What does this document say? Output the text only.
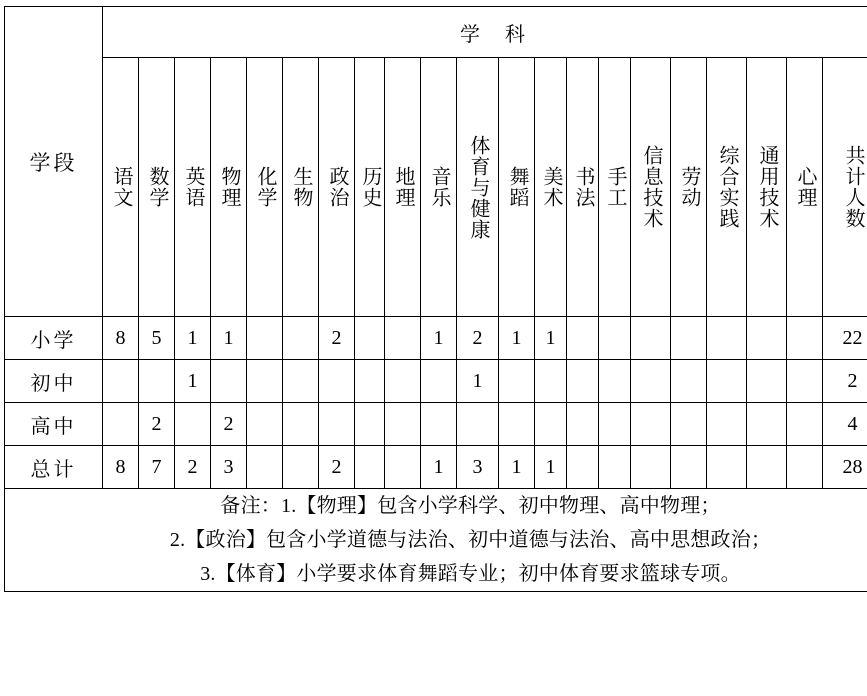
学段	学 科																				

	语文	数学	英语	物理	化学	生物	政治	历史	地理	音乐	体育与健康	舞蹈	美术	书法	手工	信息技术	劳动	综合实践	通用技术	心理	共计人数

小学	8	5	1	1			2			1	2	1	1								22
初中			1								1										2
高中		2		2																	4
总计	8	7	2	3			2			1	3	1	1								28

备注：1.【物理】包含小学科学、初中物理、高中物理；
2.【政治】包含小学道德与法治、初中道德与法治、高中思想政治；
3.【体育】小学要求体育舞蹈专业；初中体育要求篮球专项。																					
